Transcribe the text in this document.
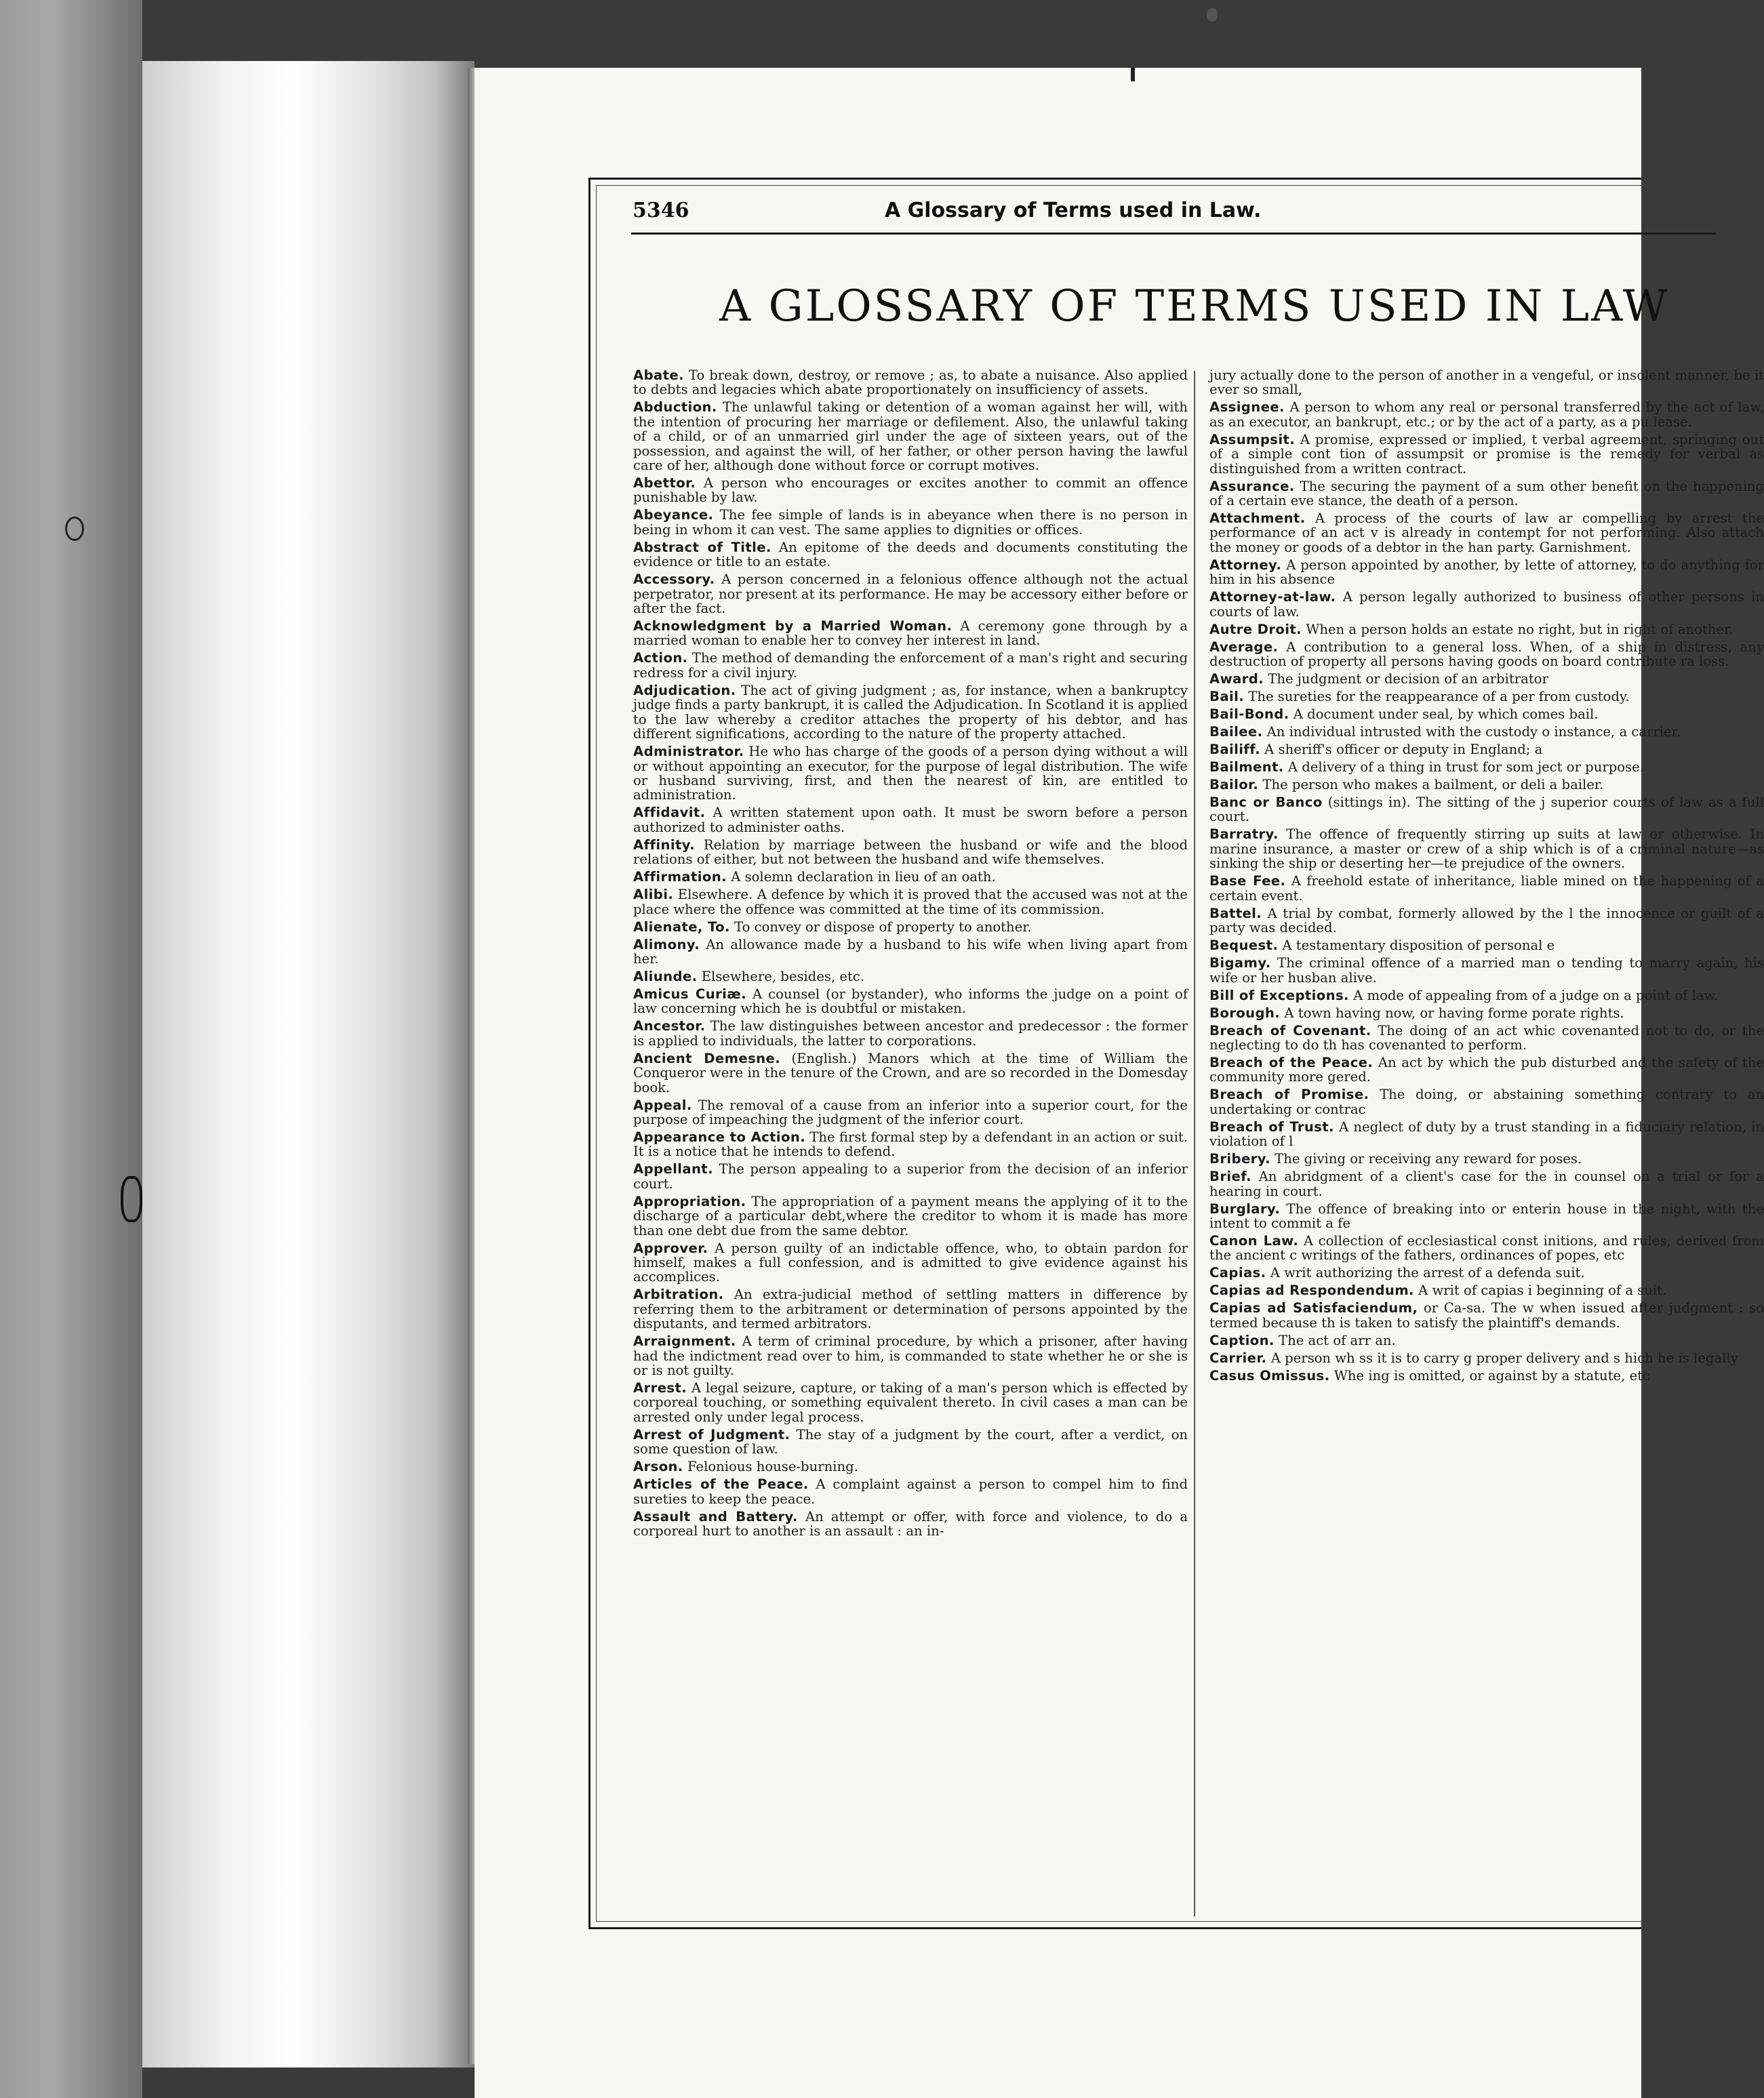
5346	A Glossary of Terms used in Law.
A GLOSSARY OF TERMS USED IN LAW

Abate. To break down, destroy, or remove ; as, to abate a nuisance. Also applied to debts and legacies which abate proportionately on insufficiency of assets.

Abduction. The unlawful taking or detention of a woman against her will, with the intention of procuring her marriage or defilement. Also, the unlawful taking of a child, or of an unmarried girl under the age of sixteen years, out of the possession, and against the will, of her father, or other person having the lawful care of her, although done without force or corrupt motives.

Abettor. A person who encourages or excites another to commit an offence punishable by law.

Abeyance. The fee simple of lands is in abeyance when there is no person in being in whom it can vest. The same applies to dignities or offices.

Abstract of Title. An epitome of the deeds and documents constituting the evidence or title to an estate.

Accessory. A person concerned in a felonious offence although not the actual perpetrator, nor present at its performance. He may be accessory either before or after the fact.

Acknowledgment by a Married Woman. A ceremony gone through by a married woman to enable her to convey her interest in land.

Action. The method of demanding the enforcement of a man's right and securing redress for a civil injury.

Adjudication. The act of giving judgment ; as, for instance, when a bankruptcy judge finds a party bankrupt, it is called the Adjudication. In Scotland it is applied to the law whereby a creditor attaches the property of his debtor, and has different significations, according to the nature of the property attached.

Administrator. He who has charge of the goods of a person dying without a will or without appointing an executor, for the purpose of legal distribution. The wife or husband surviving, first, and then the nearest of kin, are entitled to administration.

Affidavit. A written statement upon oath. It must be sworn before a person authorized to administer oaths.

Affinity. Relation by marriage between the husband or wife and the blood relations of either, but not between the husband and wife themselves.

Affirmation. A solemn declaration in lieu of an oath.

Alibi. Elsewhere. A defence by which it is proved that the accused was not at the place where the offence was committed at the time of its commission.

Alienate, To. To convey or dispose of property to another.

Alimony. An allowance made by a husband to his wife when living apart from her.

Aliunde. Elsewhere, besides, etc.

Amicus Curiæ. A counsel (or bystander), who informs the judge on a point of law concerning which he is doubtful or mistaken.

Ancestor. The law distinguishes between ancestor and predecessor : the former is applied to individuals, the latter to corporations.

Ancient Demesne. (English.) Manors which at the time of William the Conqueror were in the tenure of the Crown, and are so recorded in the Domesday book.

Appeal. The removal of a cause from an inferior into a superior court, for the purpose of impeaching the judgment of the inferior court.

Appearance to Action. The first formal step by a defendant in an action or suit. It is a notice that he intends to defend.

Appellant. The person appealing to a superior from the decision of an inferior court.

Appropriation. The appropriation of a payment means the applying of it to the discharge of a particular debt,where the creditor to whom it is made has more than one debt due from the same debtor.

Approver. A person guilty of an indictable offence, who, to obtain pardon for himself, makes a full confession, and is admitted to give evidence against his accomplices.

Arbitration. An extra-judicial method of settling matters in difference by referring them to the arbitrament or determination of persons appointed by the disputants, and termed arbitrators.

Arraignment. A term of criminal procedure, by which a prisoner, after having had the indictment read over to him, is commanded to state whether he or she is or is not guilty.

Arrest. A legal seizure, capture, or taking of a man's person which is effected by corporeal touching, or something equivalent thereto. In civil cases a man can be arrested only under legal process.

Arrest of Judgment. The stay of a judgment by the court, after a verdict, on some question of law.

Arson. Felonious house-burning.

Articles of the Peace. A complaint against a person to compel him to find sureties to keep the peace.

Assault and Battery. An attempt or offer, with force and violence, to do a corporeal hurt to another is an assault : an in-

jury actually done to the person of another in a vengeful, or insolent manner, be it ever so small,

Assignee. A person to whom any real or personal transferred by the act of law, as an executor, an bankrupt, etc.; or by the act of a party, as a pu lease.

Assumpsit. A promise, expressed or implied, t verbal agreement, springing out of a simple cont tion of assumpsit or promise is the remedy for verbal as distinguished from a written contract.

Assurance. The securing the payment of a sum other benefit on the happening of a certain eve stance, the death of a person.

Attachment. A process of the courts of law ar compelling by arrest the performance of an act v is already in contempt for not performing. Also attach the money or goods of a debtor in the han party. Garnishment.

Attorney. A person appointed by another, by lette of attorney, to do anything for him in his absence

Attorney-at-law. A person legally authorized to business of other persons in courts of law.

Autre Droit. When a person holds an estate no right, but in right of another.

Average. A contribution to a general loss. When, of a ship in distress, any destruction of property all persons having goods on board contribute ra loss.

Award. The judgment or decision of an arbitrator

Bail. The sureties for the reappearance of a per from custody.

Bail-Bond. A document under seal, by which comes bail.

Bailee. An individual intrusted with the custody o instance, a carrier.

Bailiff. A sheriff's officer or deputy in England; a

Bailment. A delivery of a thing in trust for som ject or purpose.

Bailor. The person who makes a bailment, or deli a bailer.

Banc or Banco (sittings in). The sitting of the j superior courts of law as a full court.

Barratry. The offence of frequently stirring up suits at law or otherwise. In marine insurance, a master or crew of a ship which is of a criminal nature—as sinking the ship or deserting her—te prejudice of the owners.

Base Fee. A freehold estate of inheritance, liable mined on the happening of a certain event.

Battel. A trial by combat, formerly allowed by the l the innocence or guilt of a party was decided.

Bequest. A testamentary disposition of personal e

Bigamy. The criminal offence of a married man o tending to marry again, his wife or her husban alive.

Bill of Exceptions. A mode of appealing from of a judge on a point of law.

Borough. A town having now, or having forme porate rights.

Breach of Covenant. The doing of an act whic covenanted not to do, or the neglecting to do th has covenanted to perform.

Breach of the Peace. An act by which the pub disturbed and the safety of the community more gered.

Breach of Promise. The doing, or abstaining something contrary to an undertaking or contrac

Breach of Trust. A neglect of duty by a trust standing in a fiduciary relation, in violation of l

Bribery. The giving or receiving any reward for poses.

Brief. An abridgment of a client's case for the in counsel on a trial or for a hearing in court.

Burglary. The offence of breaking into or enterin house in the night, with the intent to commit a fe

Canon Law. A collection of ecclesiastical const initions, and rules, derived from the ancient c writings of the fathers, ordinances of popes, etc

Capias. A writ authorizing the arrest of a defenda suit.

Capias ad Respondendum. A writ of capias i beginning of a suit.

Capias ad Satisfaciendum, or Ca-sa. The w when issued after judgment : so termed because th is taken to satisfy the plaintiff's demands.

Caption. The act of arr an.

Carrier. A person wh ss it is to carry g proper delivery and s hich he is legally

Casus Omissus. Whe ing is omitted, or against by a statute, etc
